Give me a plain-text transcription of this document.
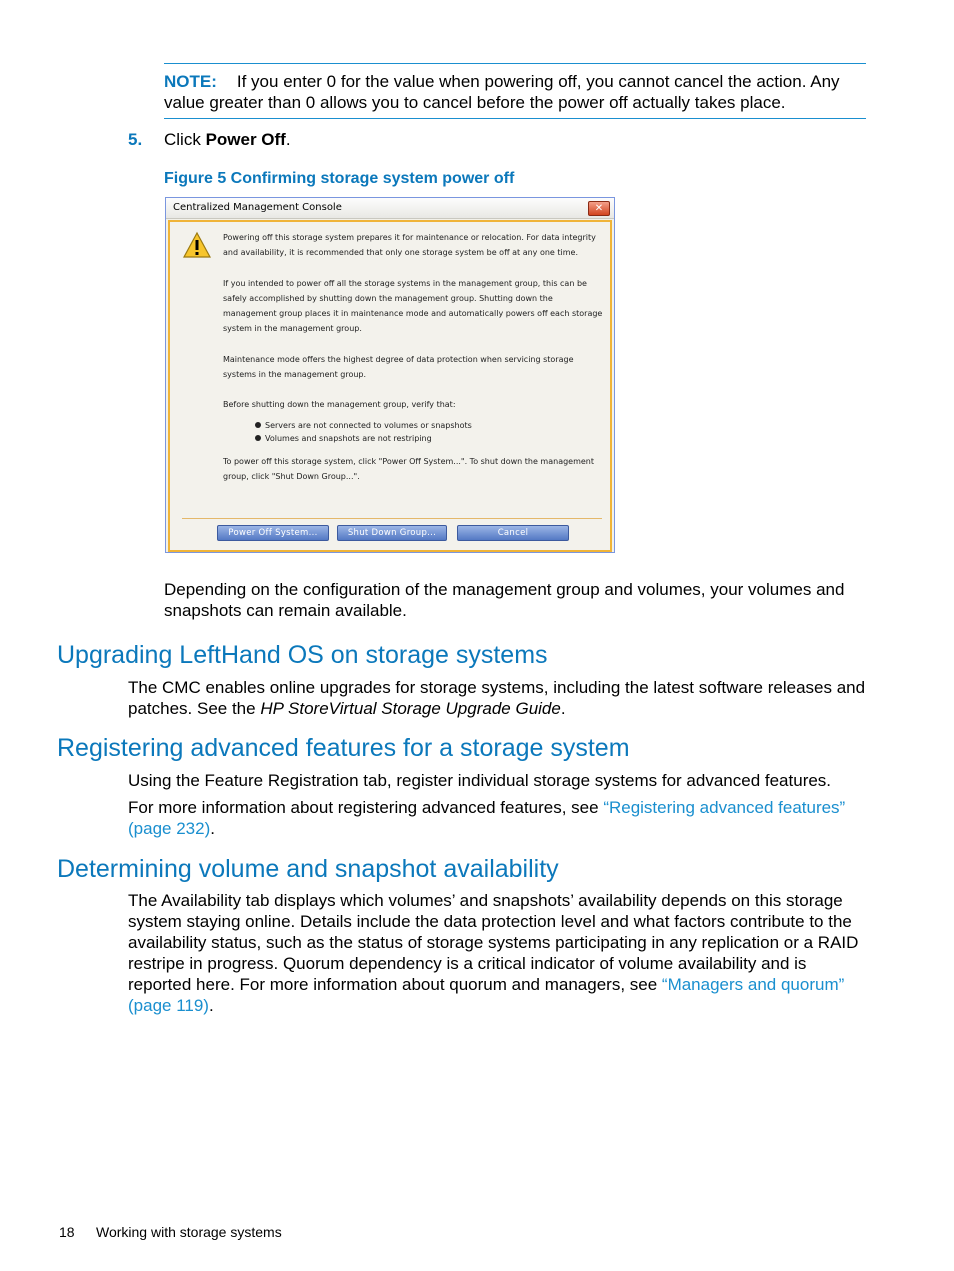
NOTE: If you enter 0 for the value when powering off, you cannot cancel the action. Any value greater than 0 allows you to cancel before the power off actually takes place.
5. Click Power Off.
Figure 5 Confirming storage system power off
Centralized Management Console	✕

Powering off this storage system prepares it for maintenance or relocation. For data integrity and availability, it is recommended that only one storage system be off at any one time.

If you intended to power off all the storage systems in the management group, this can be safely accomplished by shutting down the management group. Shutting down the management group places it in maintenance mode and automatically powers off each storage system in the management group.

Maintenance mode offers the highest degree of data protection when servicing storage systems in the management group.

Before shutting down the management group, verify that:

Servers are not connected to volumes or snapshots
Volumes and snapshots are not restriping

To power off this storage system, click "Power Off System...". To shut down the management group, click "Shut Down Group...".

Power Off System...	Shut Down Group...	Cancel
Depending on the configuration of the management group and volumes, your volumes and snapshots can remain available.
Upgrading LeftHand OS on storage systems
The CMC enables online upgrades for storage systems, including the latest software releases and patches. See the HP StoreVirtual Storage Upgrade Guide.
Registering advanced features for a storage system
Using the Feature Registration tab, register individual storage systems for advanced features.
For more information about registering advanced features, see “Registering advanced features” (page 232).
Determining volume and snapshot availability
The Availability tab displays which volumes’ and snapshots’ availability depends on this storage system staying online. Details include the data protection level and what factors contribute to the availability status, such as the status of storage systems participating in any replication or a RAID restripe in progress. Quorum dependency is a critical indicator of volume availability and is reported here. For more information about quorum and managers, see “Managers and quorum” (page 119).
18 Working with storage systems
